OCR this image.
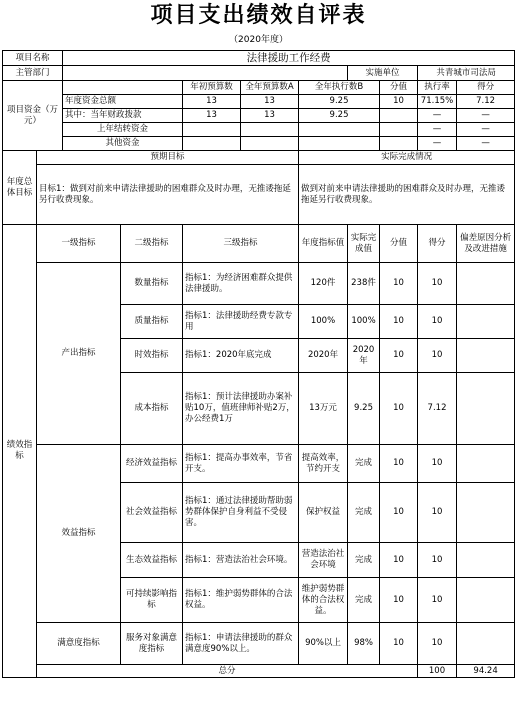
项目支出绩效自评表
（2020年度）
项目名称		法律援助工作经费									
主管部门							实施单位		共青城市司法局		
项目资金（万元）				年初预算数	全年预算数A	全年执行数B		分值	执行率	得分	
		年度资金总额		13	13	9.25		10	71.15%	7.12	
		其中：当年财政拨款		13	13	9.25			—	—	
		上年结转资金							—	—	
		其他资金							—	—	
年度总体目标	预期目标					实际完成情况					
	目标1：做到对前来申请法律援助的困难群众及时办理，无推诿拖延另行收费现象。					做到对前来申请法律援助的困难群众及时办理，无推诿拖延另行收费现象。					
绩效指标	一级指标		二级指标	三级指标		年度指标值	实际完成值	分值	得分	偏差原因分析及改进措施	
	产出指标		数量指标	指标1：为经济困难群众提供法律援助。		120件	238件	10	10		
			质量指标	指标1：法律援助经费专款专用		100%	100%	10	10		
			时效指标	指标1：2020年底完成		2020年	2020年	10	10		
			成本指标	指标1：预计法律援助办案补贴10万，值班律师补贴2万，办公经费1万		13万元	9.25	10	7.12		
	效益指标		经济效益指标	指标1：提高办事效率，节省开支。		提高效率，节约开支	完成	10	10		
			社会效益指标	指标1：通过法律援助帮助弱势群体保护自身利益不受侵害。		保护权益	完成	10	10		
			生态效益指标	指标1：营造法治社会环境。		营造法治社会环境	完成	10	10		
			可持续影响指标	指标1：维护弱势群体的合法权益。		维护弱势群体的合法权益。	完成	10	10		
	满意度指标		服务对象满意度指标	指标1：申请法律援助的群众满意度90%以上。		90%以上	98%	10	10		
	总分								100	94.24	
